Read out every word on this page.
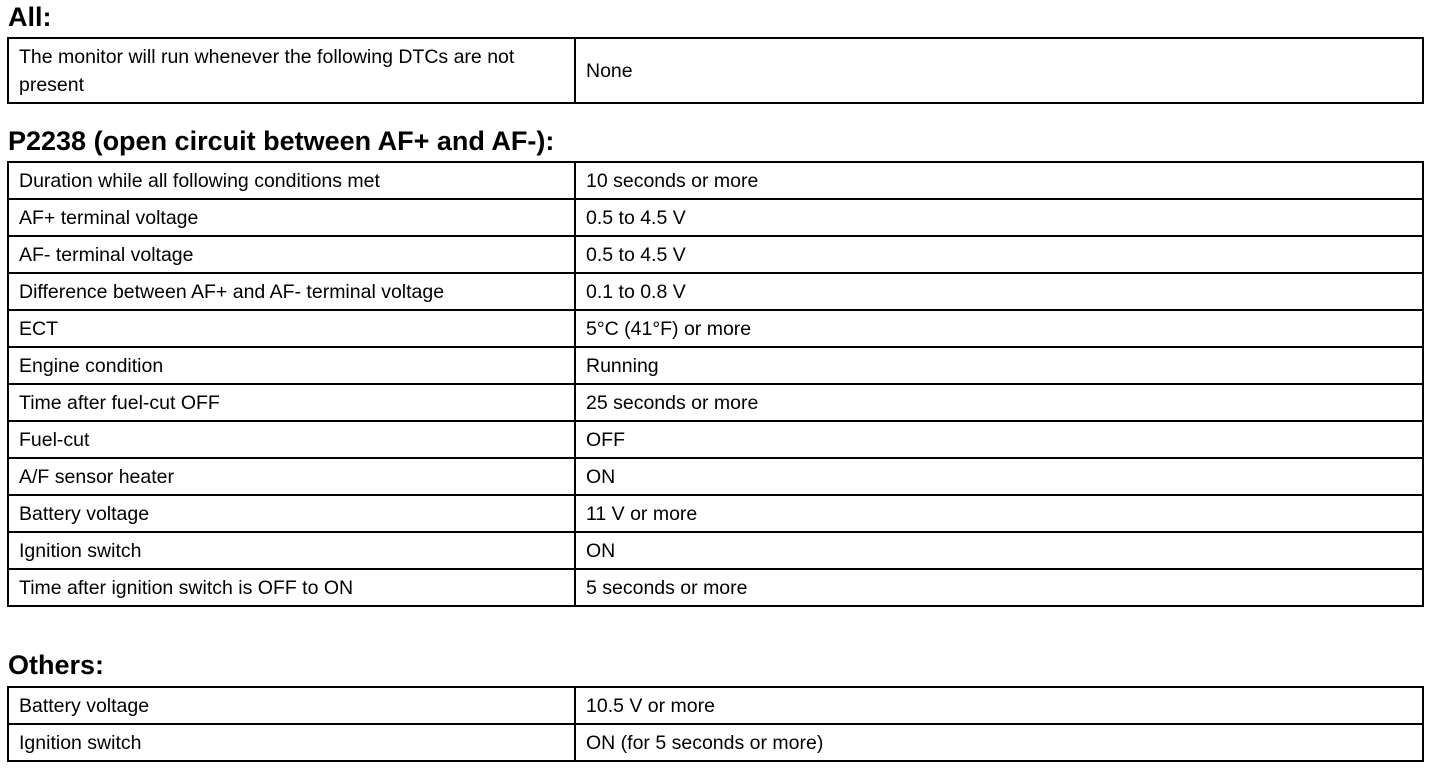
All:
The monitor will run whenever the following DTCs are not present	None
P2238 (open circuit between AF+ and AF-):
Duration while all following conditions met	10 seconds or more
AF+ terminal voltage	0.5 to 4.5 V
AF- terminal voltage	0.5 to 4.5 V
Difference between AF+ and AF- terminal voltage	0.1 to 0.8 V
ECT	5°C (41°F) or more
Engine condition	Running
Time after fuel-cut OFF	25 seconds or more
Fuel-cut	OFF
A/F sensor heater	ON
Battery voltage	11 V or more
Ignition switch	ON
Time after ignition switch is OFF to ON	5 seconds or more
Others:
Battery voltage	10.5 V or more
Ignition switch	ON (for 5 seconds or more)
